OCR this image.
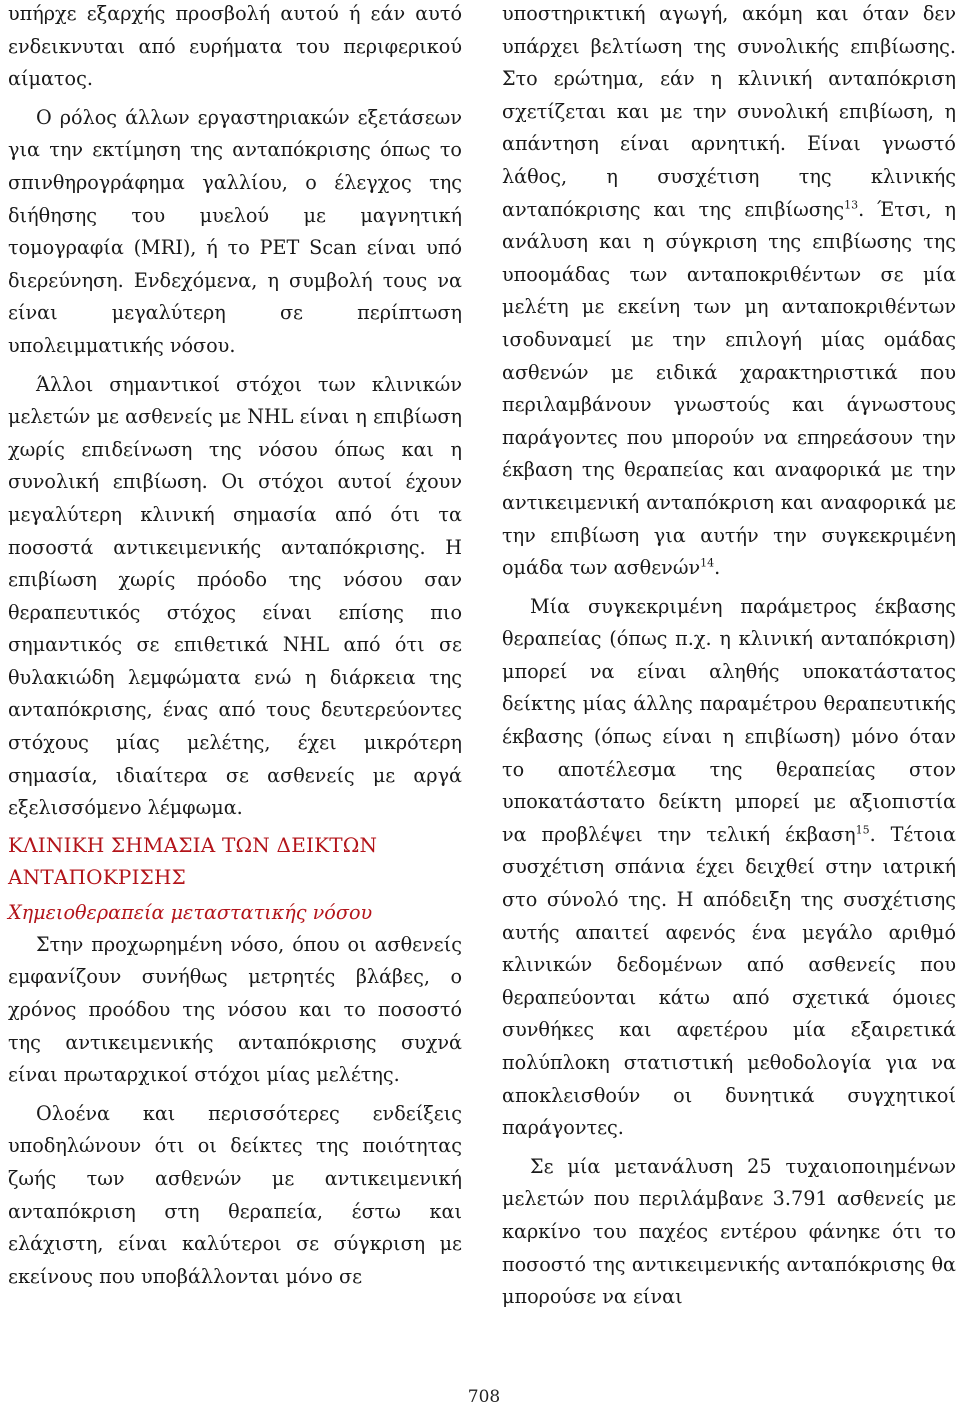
υπήρχε εξαρχής προσβολή αυτού ή εάν αυτό ενδεικνυται από ευρήματα του περιφερικού αίματος.

Ο ρόλος άλλων εργαστηριακών εξετάσεων για την εκτίμηση της ανταπόκρισης όπως το σπινθηρογράφημα γαλλίου, ο έλεγχος της διήθησης του μυελού με μαγνητική τομογραφία (MRI), ή το PET Scan είναι υπό διερεύνηση. Ενδεχόμενα, η συμβολή τους να είναι μεγαλύτερη σε περίπτωση υπολειμματικής νόσου.

Άλλοι σημαντικοί στόχοι των κλινικών μελετών με ασθενείς με NHL είναι η επιβίωση χωρίς επιδείνωση της νόσου όπως και η συνολική επιβίωση. Οι στόχοι αυτοί έχουν μεγαλύτερη κλινική σημασία από ότι τα ποσοστά αντικειμενικής ανταπόκρισης. Η επιβίωση χωρίς πρόοδο της νόσου σαν θεραπευτικός στόχος είναι επίσης πιο σημαντικός σε επιθετικά NHL από ότι σε θυλακιώδη λεμφώματα ενώ η διάρκεια της ανταπόκρισης, ένας από τους δευτερεύοντες στόχους μίας μελέτης, έχει μικρότερη σημασία, ιδιαίτερα σε ασθενείς με αργά εξελισσόμενο λέμφωμα.

ΚΛΙΝΙΚΗ ΣΗΜΑΣΙΑ ΤΩΝ ΔΕΙΚΤΩΝ ΑΝΤΑΠΟΚΡΙΣΗΣ
Χημειοθεραπεία μεταστατικής νόσου

Στην προχωρημένη νόσο, όπου οι ασθενείς εμφανίζουν συνήθως μετρητές βλάβες, ο χρόνος προόδου της νόσου και το ποσοστό της αντικειμενικής ανταπόκρισης συχνά είναι πρωταρχικοί στόχοι μίας μελέτης.

Ολοένα και περισσότερες ενδείξεις υποδηλώνουν ότι οι δείκτες της ποιότητας ζωής των ασθενών με αντικειμενική ανταπόκριση στη θεραπεία, έστω και ελάχιστη, είναι καλύτεροι σε σύγκριση με εκείνους που υποβάλλονται μόνο σε

υποστηρικτική αγωγή, ακόμη και όταν δεν υπάρχει βελτίωση της συνολικής επιβίωσης. Στο ερώτημα, εάν η κλινική ανταπόκριση σχετίζεται και με την συνολική επιβίωση, η απάντηση είναι αρνητική. Είναι γνωστό λάθος, η συσχέτιση της κλινικής ανταπόκρισης και της επιβίωσης$^{13}$. Έτσι, η ανάλυση και η σύγκριση της επιβίωσης της υποομάδας των ανταποκριθέντων σε μία μελέτη με εκείνη των μη ανταποκριθέντων ισοδυναμεί με την επιλογή μίας ομάδας ασθενών με ειδικά χαρακτηριστικά που περιλαμβάνουν γνωστούς και άγνωστους παράγοντες που μπορούν να επηρεάσουν την έκβαση της θεραπείας και αναφορικά με την αντικειμενική ανταπόκριση και αναφορικά με την επιβίωση για αυτήν την συγκεκριμένη ομάδα των ασθενών$^{14}$.

Μία συγκεκριμένη παράμετρος έκβασης θεραπείας (όπως π.χ. η κλινική ανταπόκριση) μπορεί να είναι αληθής υποκατάστατος δείκτης μίας άλλης παραμέτρου θεραπευτικής έκβασης (όπως είναι η επιβίωση) μόνο όταν το αποτέλεσμα της θεραπείας στον υποκατάστατο δείκτη μπορεί με αξιοπιστία να προβλέψει την τελική έκβαση$^{15}$. Τέτοια συσχέτιση σπάνια έχει δειχθεί στην ιατρική στο σύνολό της. Η απόδειξη της συσχέτισης αυτής απαιτεί αφενός ένα μεγάλο αριθμό κλινικών δεδομένων από ασθενείς που θεραπεύονται κάτω από σχετικά όμοιες συνθήκες και αφετέρου μία εξαιρετικά πολύπλοκη στατιστική μεθοδολογία για να αποκλεισθούν οι δυνητικά συγχητικοί παράγοντες.

Σε μία μετανάλυση 25 τυχαιοποιημένων μελετών που περιλάμβανε 3.791 ασθενείς με καρκίνο του παχέος εντέρου φάνηκε ότι το ποσοστό της αντικειμενικής ανταπόκρισης θα μπορούσε να είναι

708
